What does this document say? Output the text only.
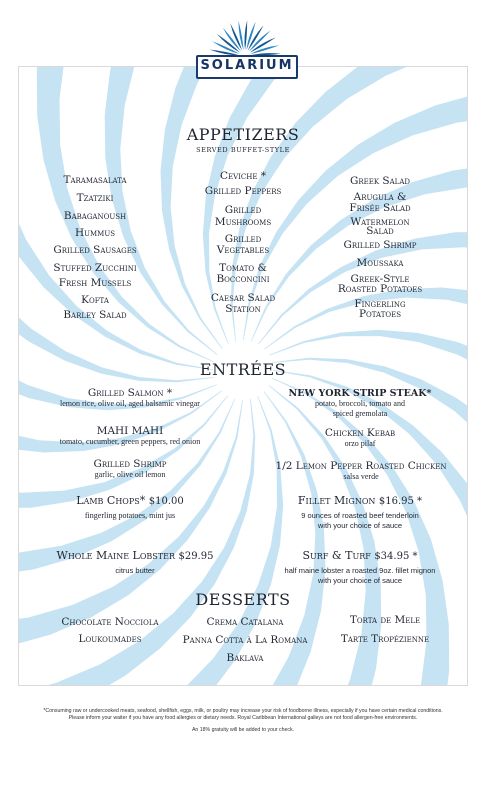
SOLARIUM
APPETIZERS
SERVED BUFFET-STYLE
Taramasalata
Tzatziki
Babaganoush
Hummus
Grilled Sausages
Stuffed Zucchini
Fresh Mussels
Kofta
Barley Salad
Ceviche *
Grilled Peppers
Grilled
Mushrooms
Grilled
Vegetables
Tomato &
Bocconcini
Caesar Salad
Station
Greek Salad
Arugula &
Frisée Salad
Watermelon
Salad
Grilled Shrimp
Moussaka
Greek-Style
Roasted Potatoes
Fingerling
Potatoes
ENTRÉES
Grilled Salmon *
lemon rice, olive oil, aged balsamic vinegar
NEW YORK STRIP STEAK*
potato, broccoli, tomato and
spiced gremolata
MAHI MAHI
tomato, cucumber, green peppers, red onion
Chicken Kebab
orzo pilaf
Grilled Shrimp
garlic, olive oil lemon
1/2 Lemon Pepper Roasted Chicken
salsa verde
Lamb Chops* $10.00
fingerling potatoes, mint jus
Fillet Mignon $16.95 *
9 ounces of roasted beef tenderloin
with your choice of sauce
Whole Maine Lobster $29.95
citrus butter
Surf & Turf $34.95 *
half maine lobster a roasted 9oz. fillet mignon
with your choice of sauce
DESSERTS
Chocolate Nocciola
Loukoumades
Crema Catalana
Panna Cotta à La Romana
Baklava
Torta de Mele
Tarte Tropézienne
*Consuming raw or undercooked meats, seafood, shellfish, eggs, milk, or poultry may increase your risk of foodborne illness, especially if you have certain medical conditions.
Please inform your waiter if you have any food allergies or dietary needs. Royal Caribbean International galleys are not food allergen-free environments.
An 18% gratuity will be added to your check.
